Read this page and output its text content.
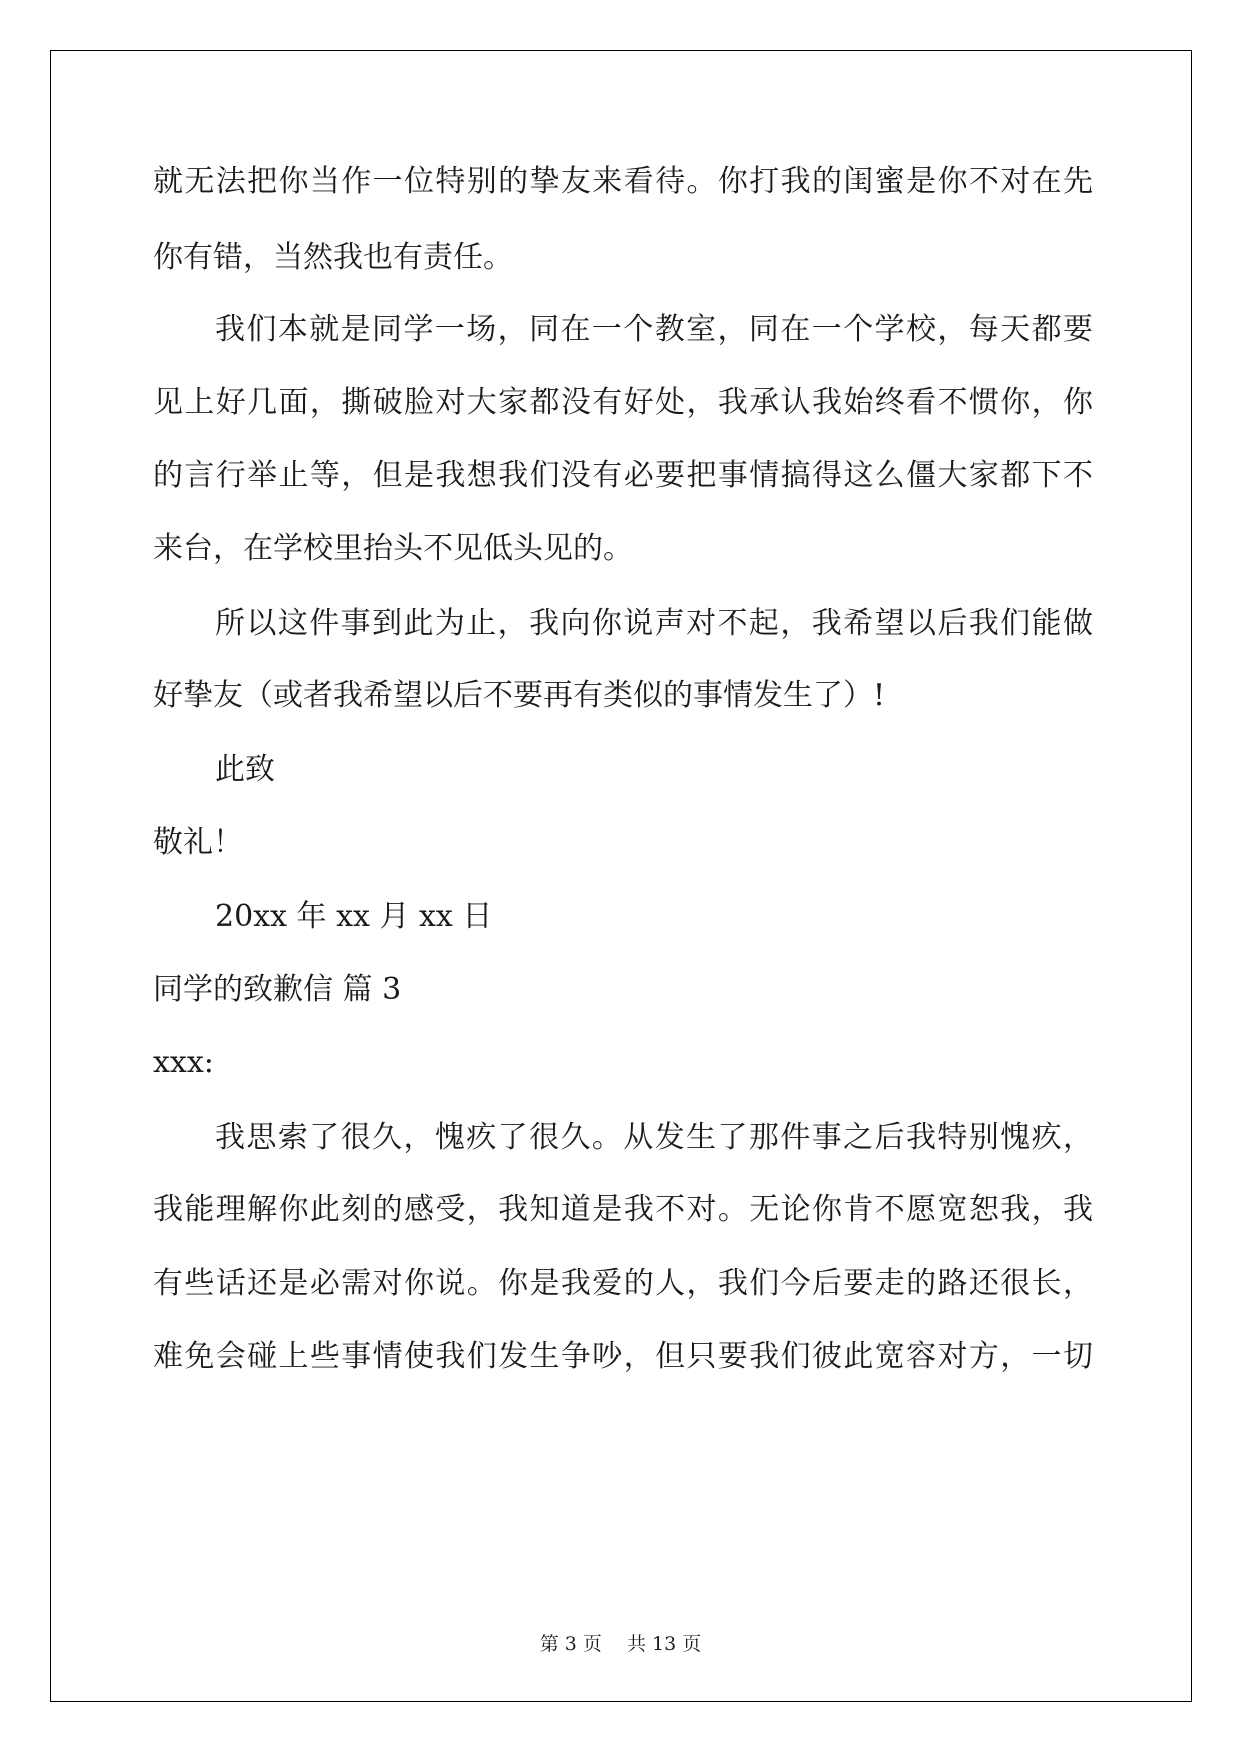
就无法把你当作一位特别的挚友来看待。你打我的闺蜜是你不对在先
你有错，当然我也有责任。
我们本就是同学一场，同在一个教室，同在一个学校，每天都要
见上好几面，撕破脸对大家都没有好处，我承认我始终看不惯你，你
的言行举止等，但是我想我们没有必要把事情搞得这么僵大家都下不
来台，在学校里抬头不见低头见的。
所以这件事到此为止，我向你说声对不起，我希望以后我们能做
好挚友（或者我希望以后不要再有类似的事情发生了）!
此致
敬礼！
20xx 年 xx 月 xx 日
同学的致歉信 篇 3
xxx:
我思索了很久，愧疚了很久。从发生了那件事之后我特别愧疚，
我能理解你此刻的感受，我知道是我不对。无论你肯不愿宽恕我，我
有些话还是必需对你说。你是我爱的人，我们今后要走的路还很长，
难免会碰上些事情使我们发生争吵，但只要我们彼此宽容对方，一切
第 3 页　 共 13 页
